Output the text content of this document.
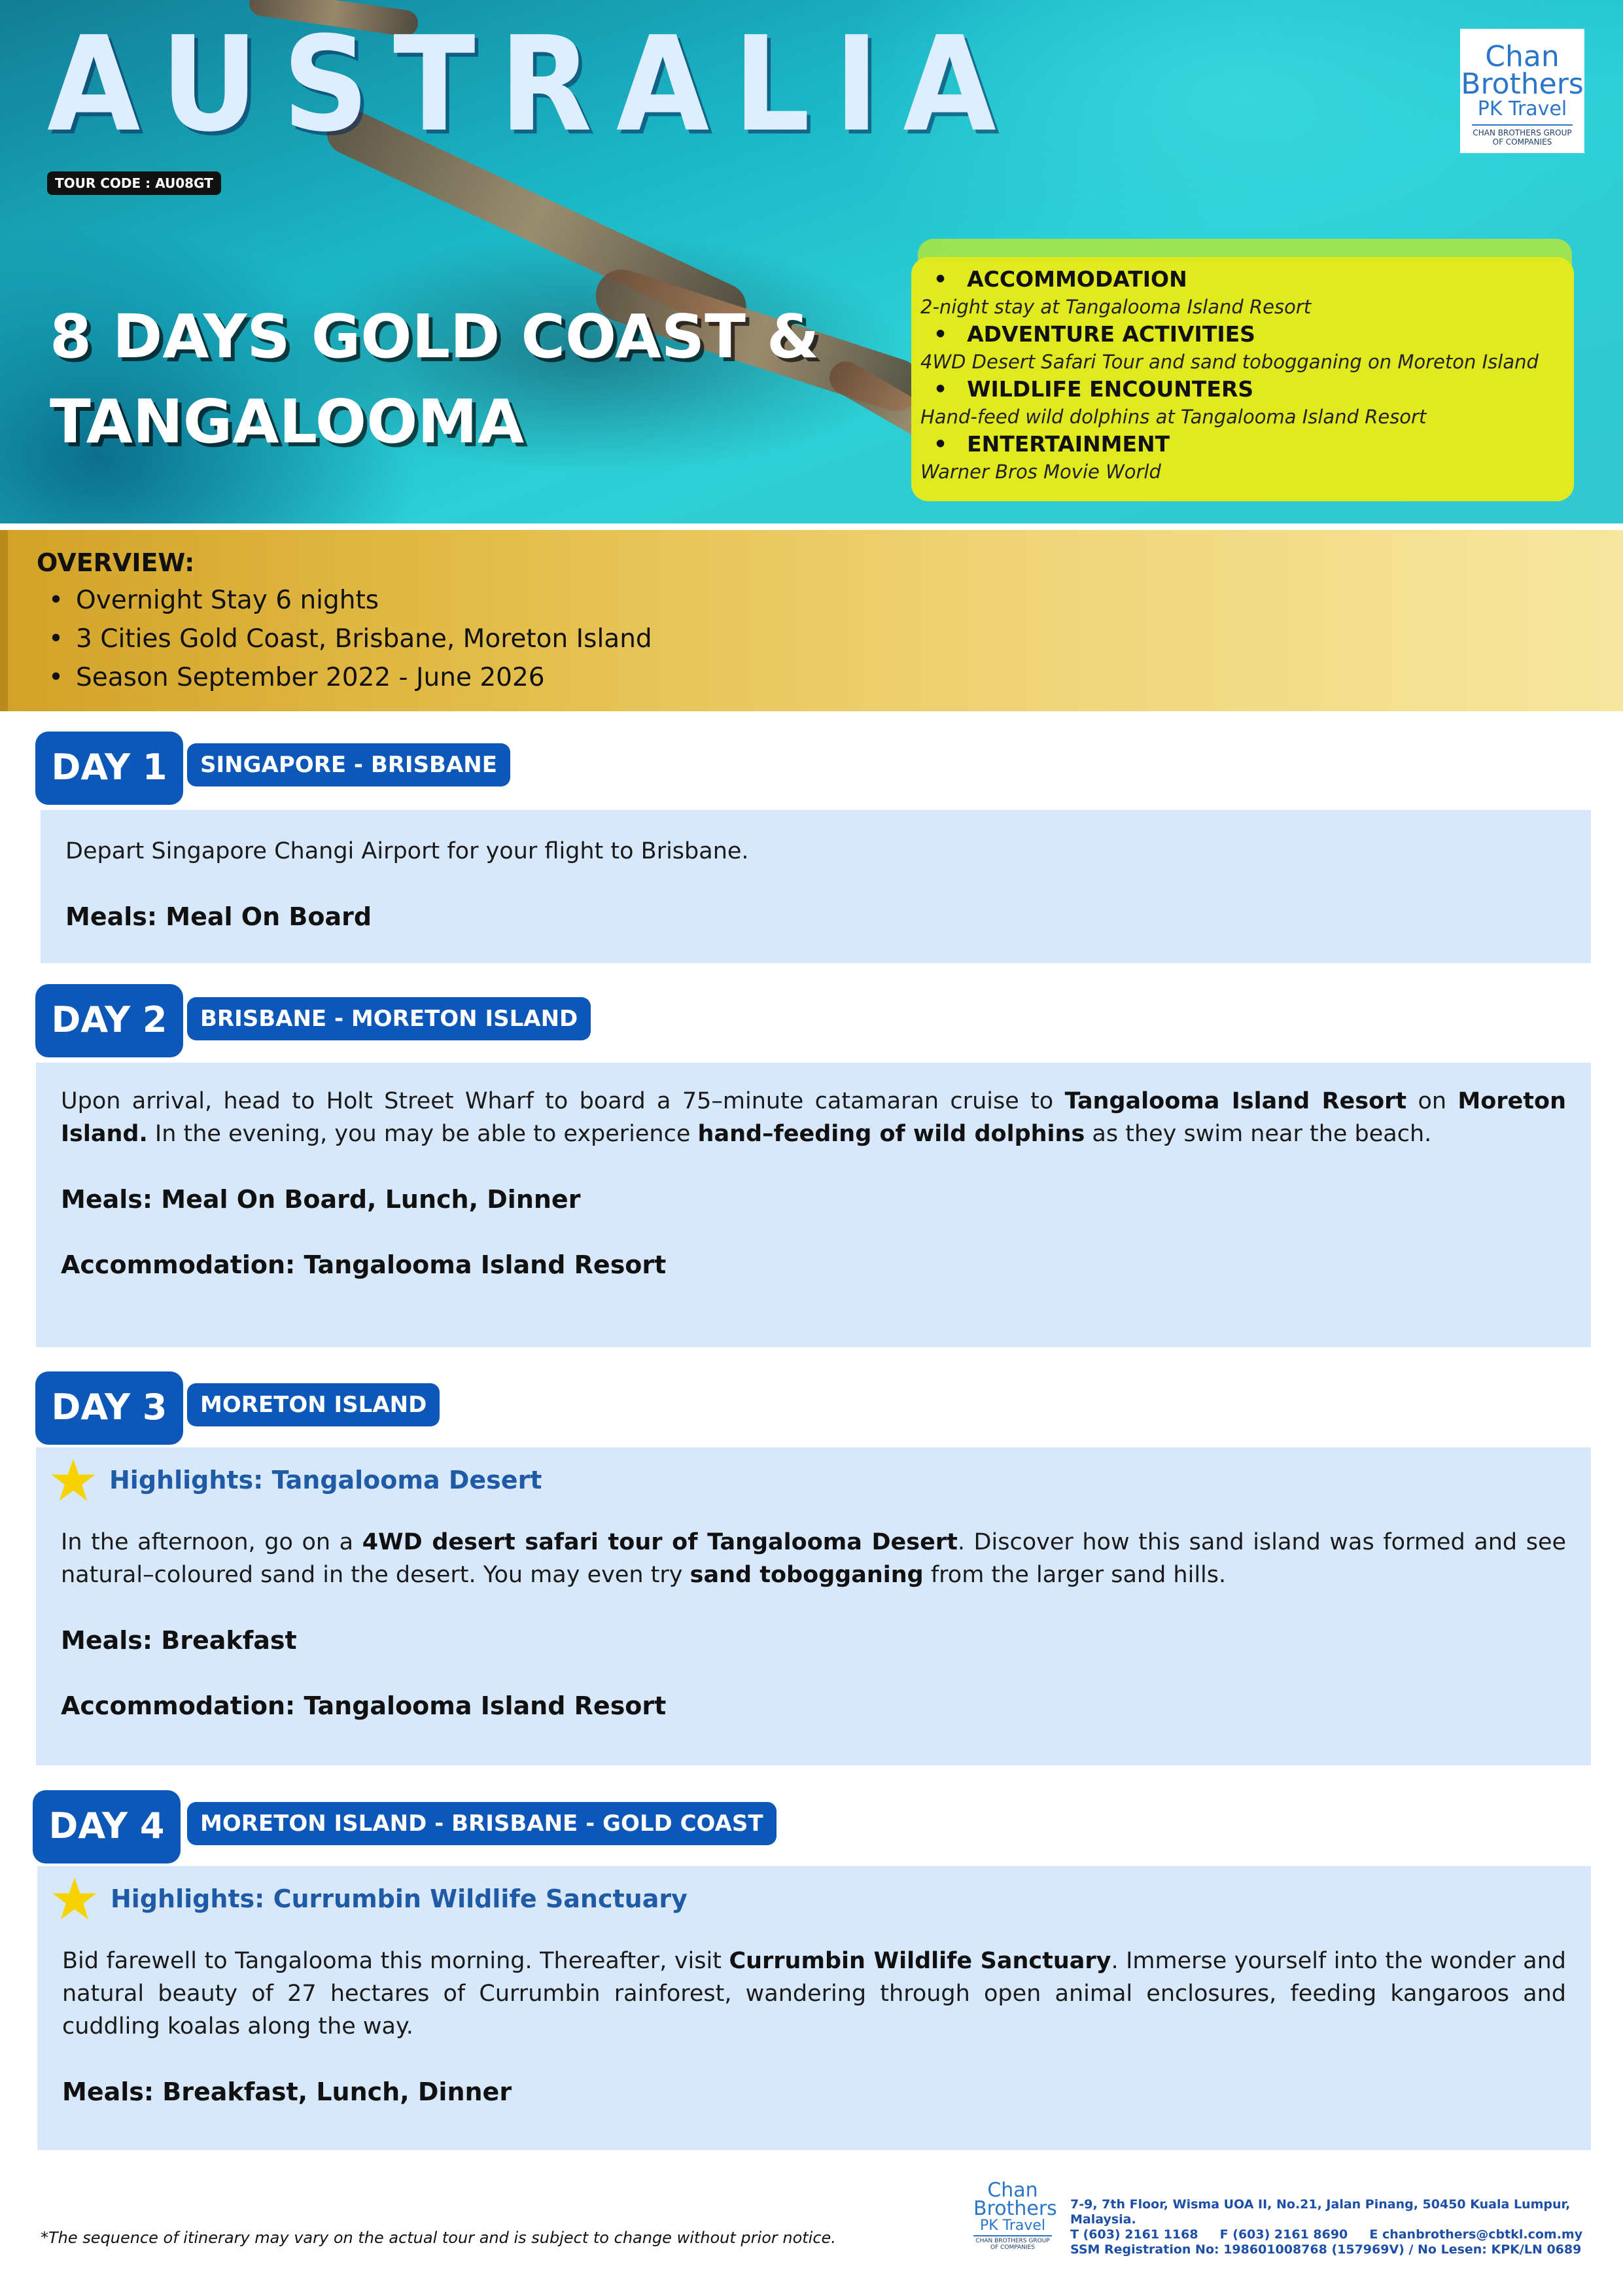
AUSTRALIA
TOUR CODE : AU08GT
8 DAYS GOLD COAST & TANGALOOMA
Chan
Brothers
PK Travel
CHAN BROTHERS GROUP OF COMPANIES
• ACCOMMODATION
2-night stay at Tangalooma Island Resort
• ADVENTURE ACTIVITIES
4WD Desert Safari Tour and sand tobogganing on Moreton Island
• WILDLIFE ENCOUNTERS
Hand-feed wild dolphins at Tangalooma Island Resort
• ENTERTAINMENT
Warner Bros Movie World
OVERVIEW:
• Overnight Stay 6 nights
• 3 Cities Gold Coast, Brisbane, Moreton Island
• Season September 2022 - June 2026

Depart Singapore Changi Airport for your flight to Brisbane.

Meals: Meal On Board
DAY 1	SINGAPORE - BRISBANE

Upon arrival, head to Holt Street Wharf to board a 75–minute catamaran cruise to Tangalooma Island Resort on Moreton Island. In the evening, you may be able to experience hand–feeding of wild dolphins as they swim near the beach.

Meals: Meal On Board, Lunch, Dinner
Accommodation: Tangalooma Island Resort
DAY 2	BRISBANE - MORETON ISLAND
Highlights: Tangalooma Desert

In the afternoon, go on a 4WD desert safari tour of Tangalooma Desert. Discover how this sand island was formed and see natural–coloured sand in the desert. You may even try sand tobogganing from the larger sand hills.

Meals: Breakfast
Accommodation: Tangalooma Island Resort
DAY 3	MORETON ISLAND
Highlights: Currumbin Wildlife Sanctuary

Bid farewell to Tangalooma this morning. Thereafter, visit Currumbin Wildlife Sanctuary. Immerse yourself into the wonder and natural beauty of 27 hectares of Currumbin rainforest, wandering through open animal enclosures, feeding kangaroos and cuddling koalas along the way.

Meals: Breakfast, Lunch, Dinner
DAY 4	MORETON ISLAND - BRISBANE - GOLD COAST
*The sequence of itinerary may vary on the actual tour and is subject to change without prior notice.
Chan
Brothers
PK Travel
CHAN BROTHERS GROUP OF COMPANIES
7-9, 7th Floor, Wisma UOA II, No.21, Jalan Pinang, 50450 Kuala Lumpur, Malaysia.
T (603) 2161 1168     F (603) 2161 8690     E chanbrothers@cbtkl.com.my
SSM Registration No: 198601008768 (157969V) / No Lesen: KPK/LN 0689
